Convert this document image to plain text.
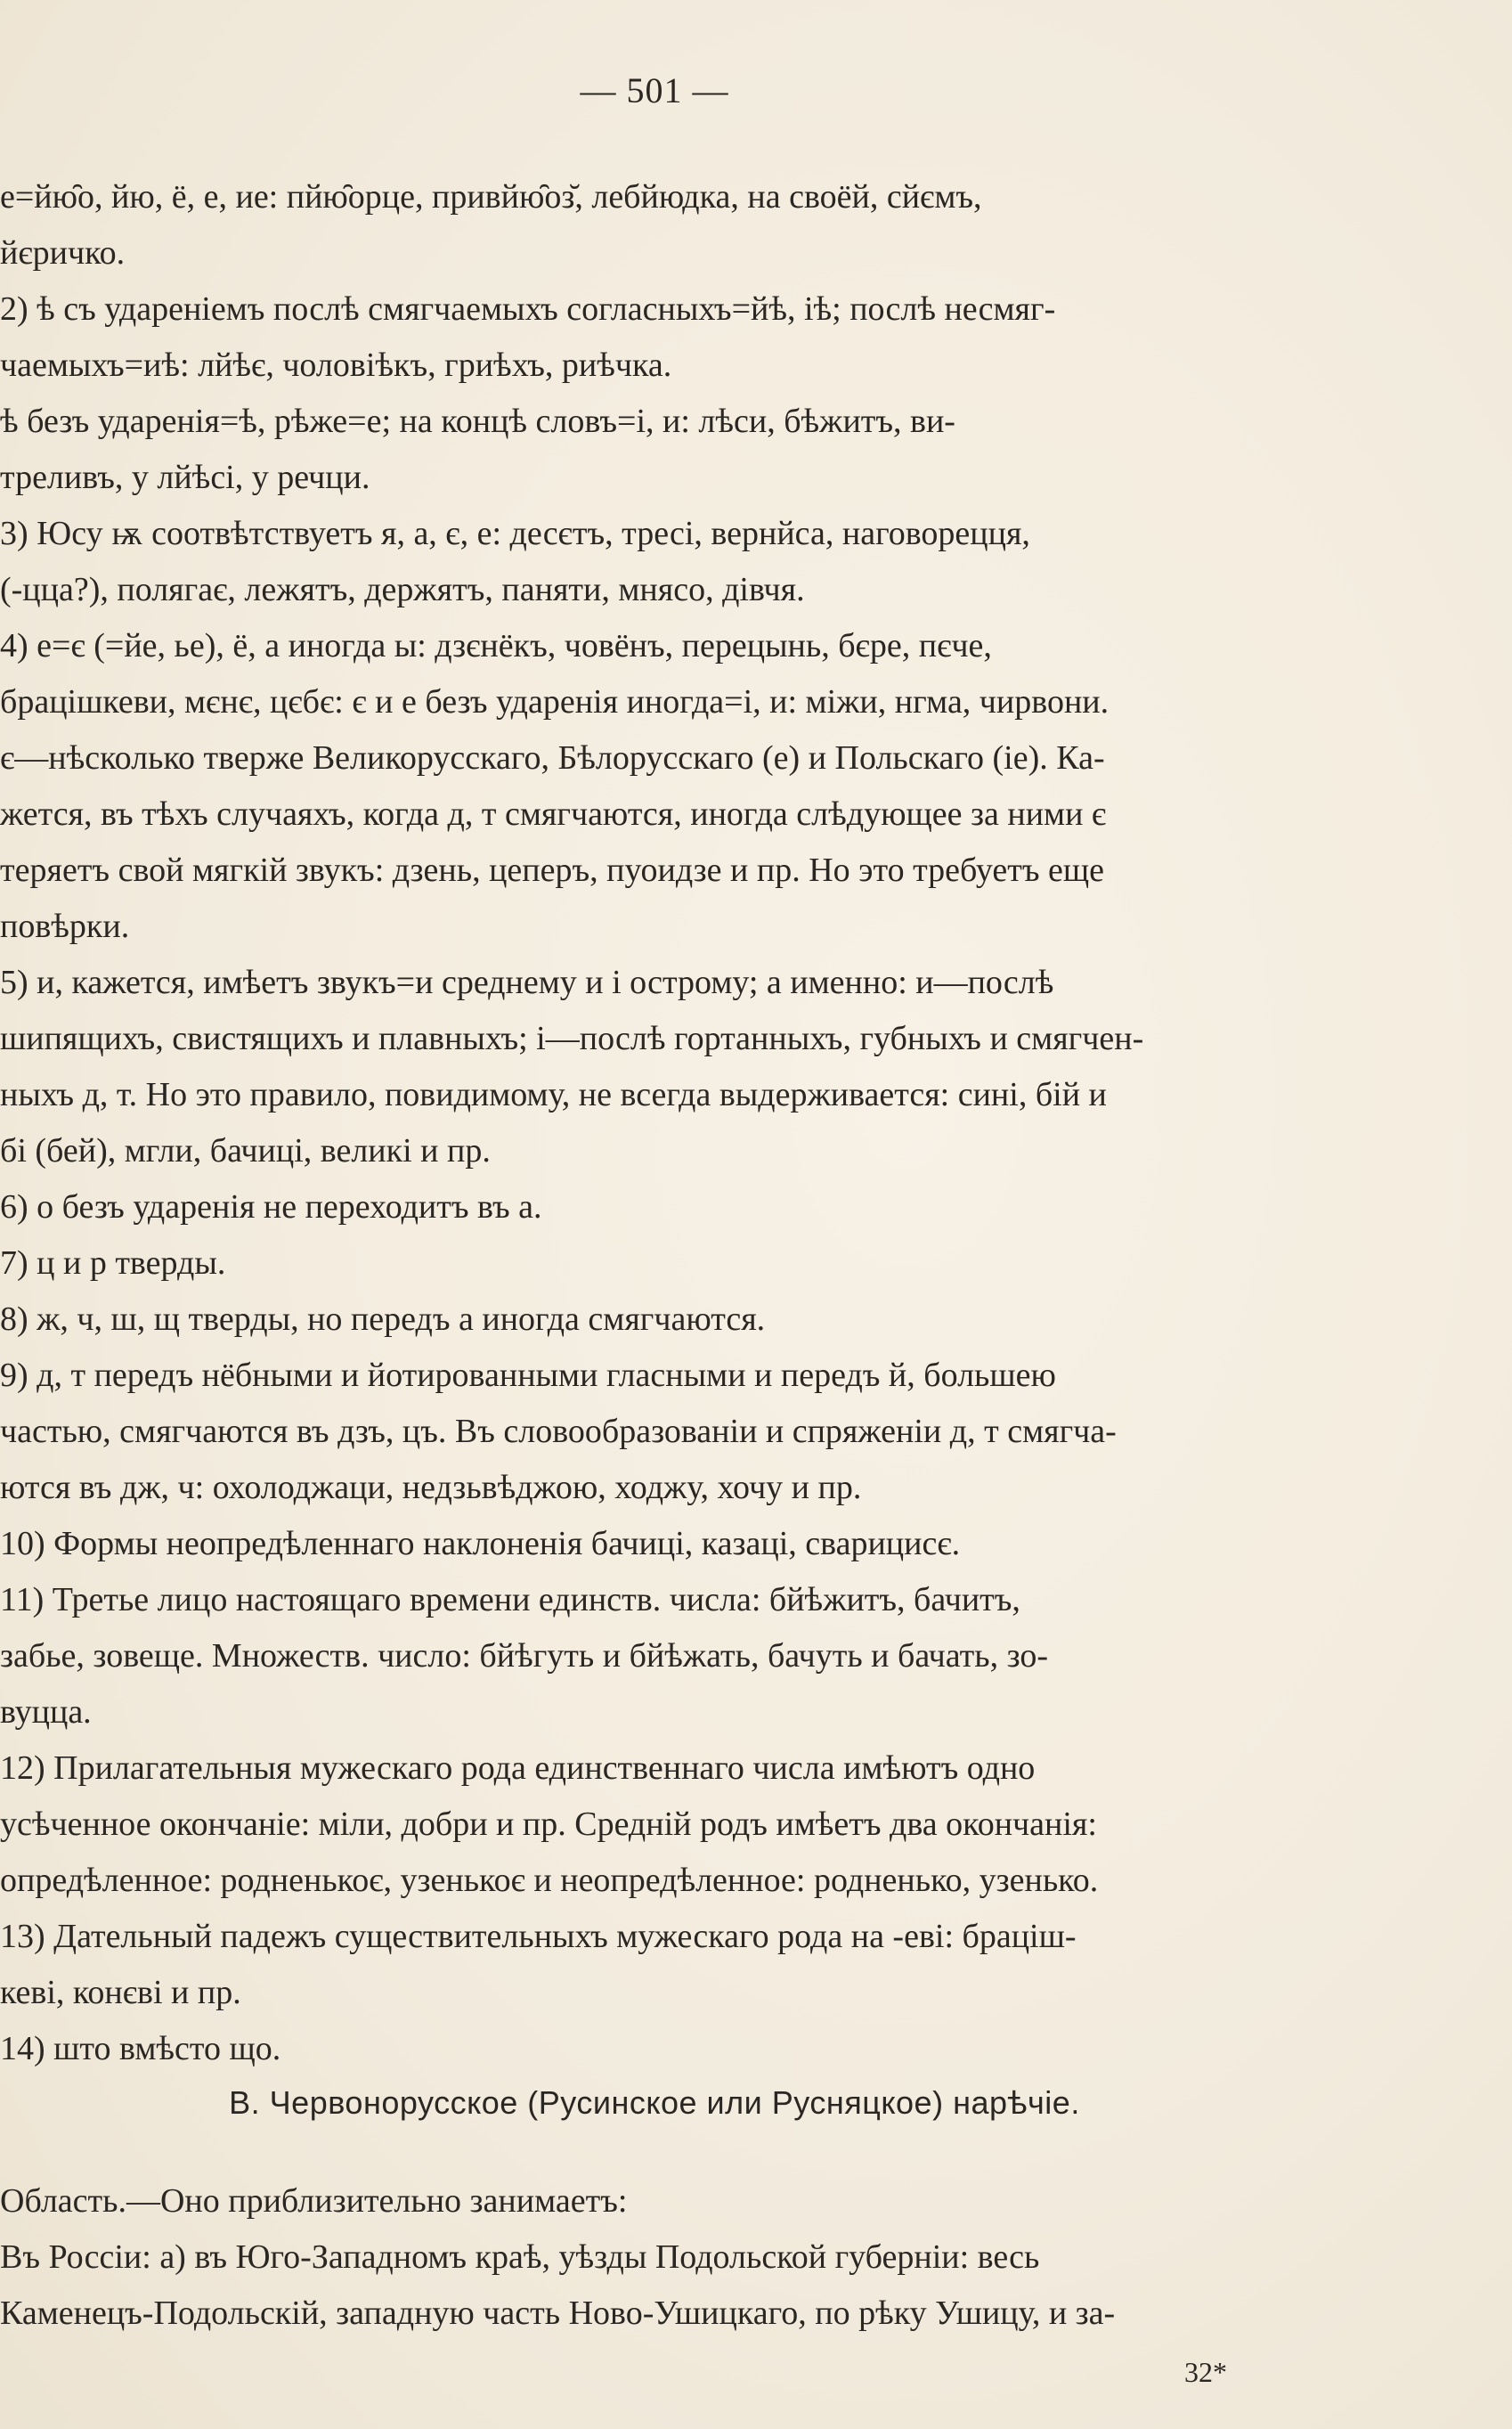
— 501 —
е=йю̑о, йю, ё, е, ие: пйю̑орце, привйю̑оз̆, лебйюдка, на своёй, сйємъ,
йєричко.
2) ѣ съ удареніемъ послѣ смягчаемыхъ согласныхъ=йѣ, іѣ; послѣ несмяг-
чаемыхъ=иѣ: лйѣє, чоловіѣкъ, гриѣхъ, риѣчка.
ѣ безъ ударенія=ѣ, рѣже=е; на концѣ словъ=і, и: лѣси, бѣжитъ, ви-
треливъ, у лйѣсі, у речци.
3) Юсу ѭ соотвѣтствуетъ я, а, є, е: десєтъ, тресі, вернйса, наговорецця,
(-цца?), полягає, лежятъ, держятъ, паняти, мнясо, дівчя.
4) е=є (=йе, ье), ё, а иногда ы: дзєнёкъ, човёнъ, перецынь, бєре, пєче,
брацішкеви, мєнє, цєбє: є и е безъ ударенія иногда=і, и: міжи, нгма, чирвони.
є—нѣсколько тверже Великорусскаго, Бѣлорусскаго (е) и Польскаго (іе). Ка-
жется, въ тѣхъ случаяхъ, когда д, т смягчаются, иногда слѣдующее за ними є
теряетъ свой мягкій звукъ: дзень, цеперъ, пуоидзе и пр. Но это требуетъ еще
повѣрки.
5) и, кажется, имѣетъ звукъ=и среднему и і острому; а именно: и—послѣ
шипящихъ, свистящихъ и плавныхъ; і—послѣ гортанныхъ, губныхъ и смягчен-
ныхъ д, т. Но это правило, повидимому, не всегда выдерживается: сині, бій и
бі (бей), мгли, бачиці, великі и пр.
6) о безъ ударенія не переходитъ въ а.
7) ц и р тверды.
8) ж, ч, ш, щ тверды, но передъ а иногда смягчаются.
9) д, т передъ нёбными и йотированными гласными и передъ й, большею
частью, смягчаются въ дзъ, цъ. Въ словообразованіи и спряженіи д, т смягча-
ются въ дж, ч: охолоджаци, недзьвѣджою, ходжу, хочу и пр.
10) Формы неопредѣленнаго наклоненія бачиці, казаці, сварицисє.
11) Третье лицо настоящаго времени единств. числа: бйѣжитъ, бачитъ,
забье, зовеще. Множеств. число: бйѣгуть и бйѣжать, бачуть и бачать, зо-
вуцца.
12) Прилагательныя мужескаго рода единственнаго числа имѣютъ одно
усѣченное окончаніе: міли, добри и пр. Средній родъ имѣетъ два окончанія:
опредѣленное: родненькоє, узенькоє и неопредѣленное: родненько, узенько.
13) Дательный падежъ существительныхъ мужескаго рода на -еві: брацiш-
кеві, конєві и пр.
14) што вмѣсто що.
В. Червонорусское (Русинское или Русняцкое) нарѣчіе.
Область.—Оно приблизительно занимаетъ:
Въ Россіи: а) въ Юго-Западномъ краѣ, уѣзды Подольской губерніи: весь
Каменецъ-Подольскій, западную часть Ново-Ушицкаго, по рѣку Ушицу, и за-
32*
